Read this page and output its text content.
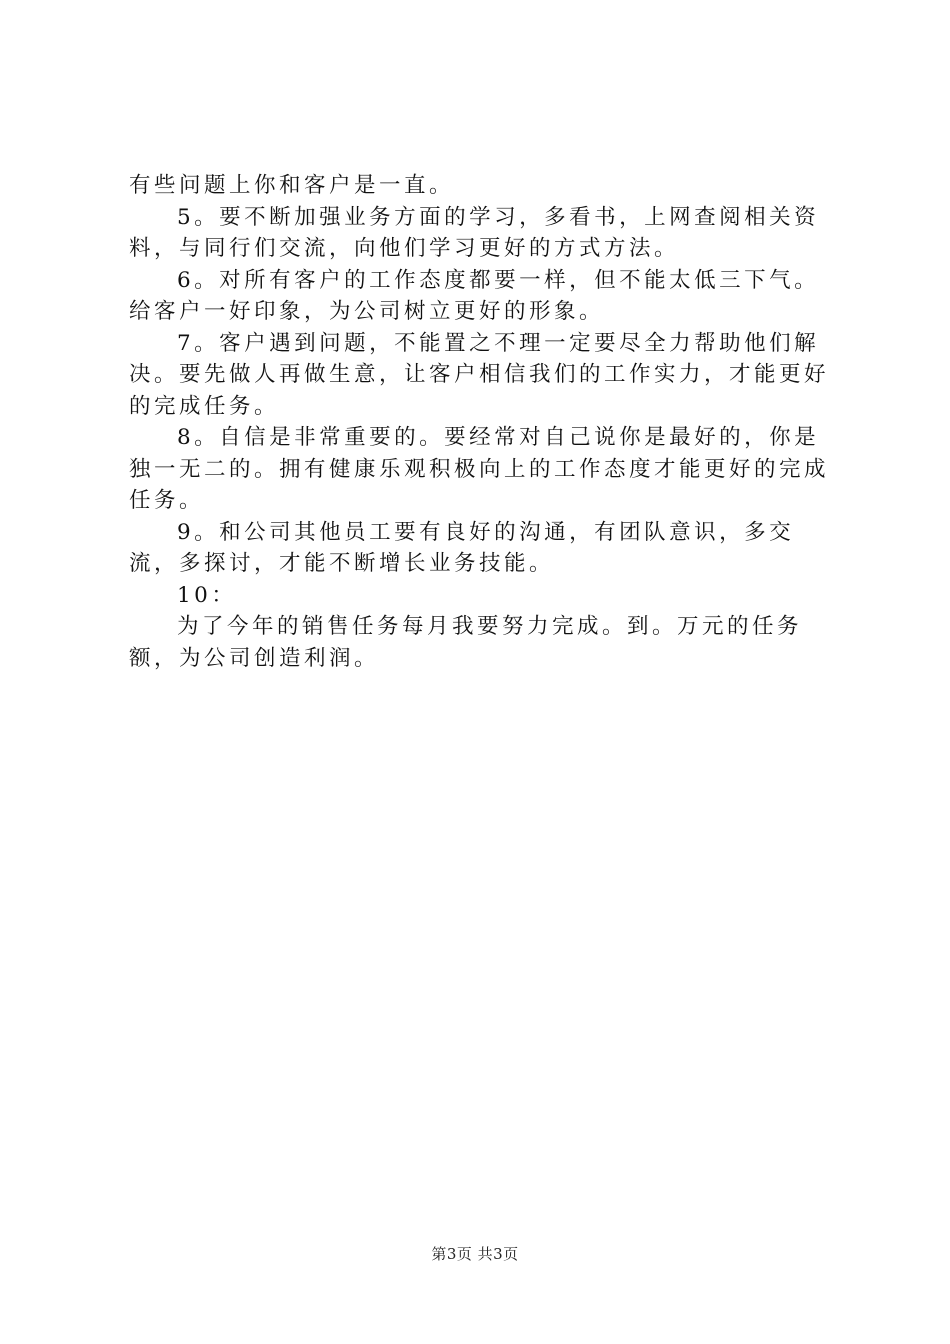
有些问题上你和客户是一直。

5。要不断加强业务方面的学习，多看书，上网查阅相关资料，与同行们交流，向他们学习更好的方式方法。

6。对所有客户的工作态度都要一样，但不能太低三下气。给客户一好印象，为公司树立更好的形象。

7。客户遇到问题，不能置之不理一定要尽全力帮助他们解决。要先做人再做生意，让客户相信我们的工作实力，才能更好的完成任务。

8。自信是非常重要的。要经常对自己说你是最好的，你是独一无二的。拥有健康乐观积极向上的工作态度才能更好的完成任务。

9。和公司其他员工要有良好的沟通，有团队意识，多交流，多探讨，才能不断增长业务技能。

10：

为了今年的销售任务每月我要努力完成。到。万元的任务额，为公司创造利润。

第3页 共3页
